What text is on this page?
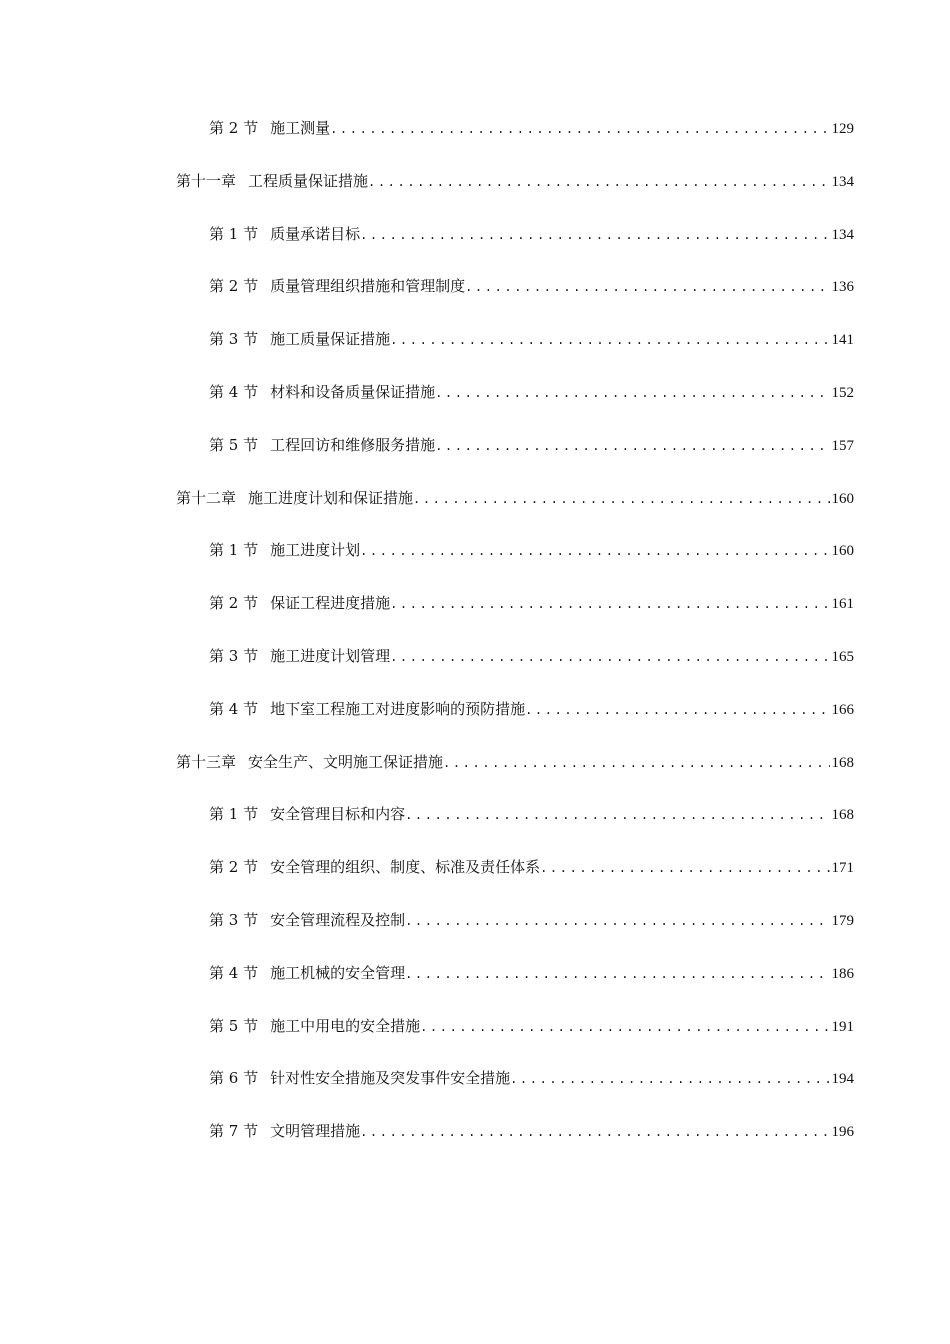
第 2 节 施工测量 .....	129
第十一章 工程质量保证措施 .....	134
第 1 节 质量承诺目标 .....	134
第 2 节 质量管理组织措施和管理制度 .....	136
第 3 节 施工质量保证措施 .....	141
第 4 节 材料和设备质量保证措施 .....	152
第 5 节 工程回访和维修服务措施 .....	157
第十二章 施工进度计划和保证措施 .....	160
第 1 节 施工进度计划 .....	160
第 2 节 保证工程进度措施 .....	161
第 3 节 施工进度计划管理 .....	165
第 4 节 地下室工程施工对进度影响的预防措施 .....	166
第十三章 安全生产、文明施工保证措施 .....	168
第 1 节 安全管理目标和内容 .....	168
第 2 节 安全管理的组织、制度、标准及责任体系 .....	171
第 3 节 安全管理流程及控制 .....	179
第 4 节 施工机械的安全管理 .....	186
第 5 节 施工中用电的安全措施 .....	191
第 6 节 针对性安全措施及突发事件安全措施 .....	194
第 7 节 文明管理措施 .....	196
